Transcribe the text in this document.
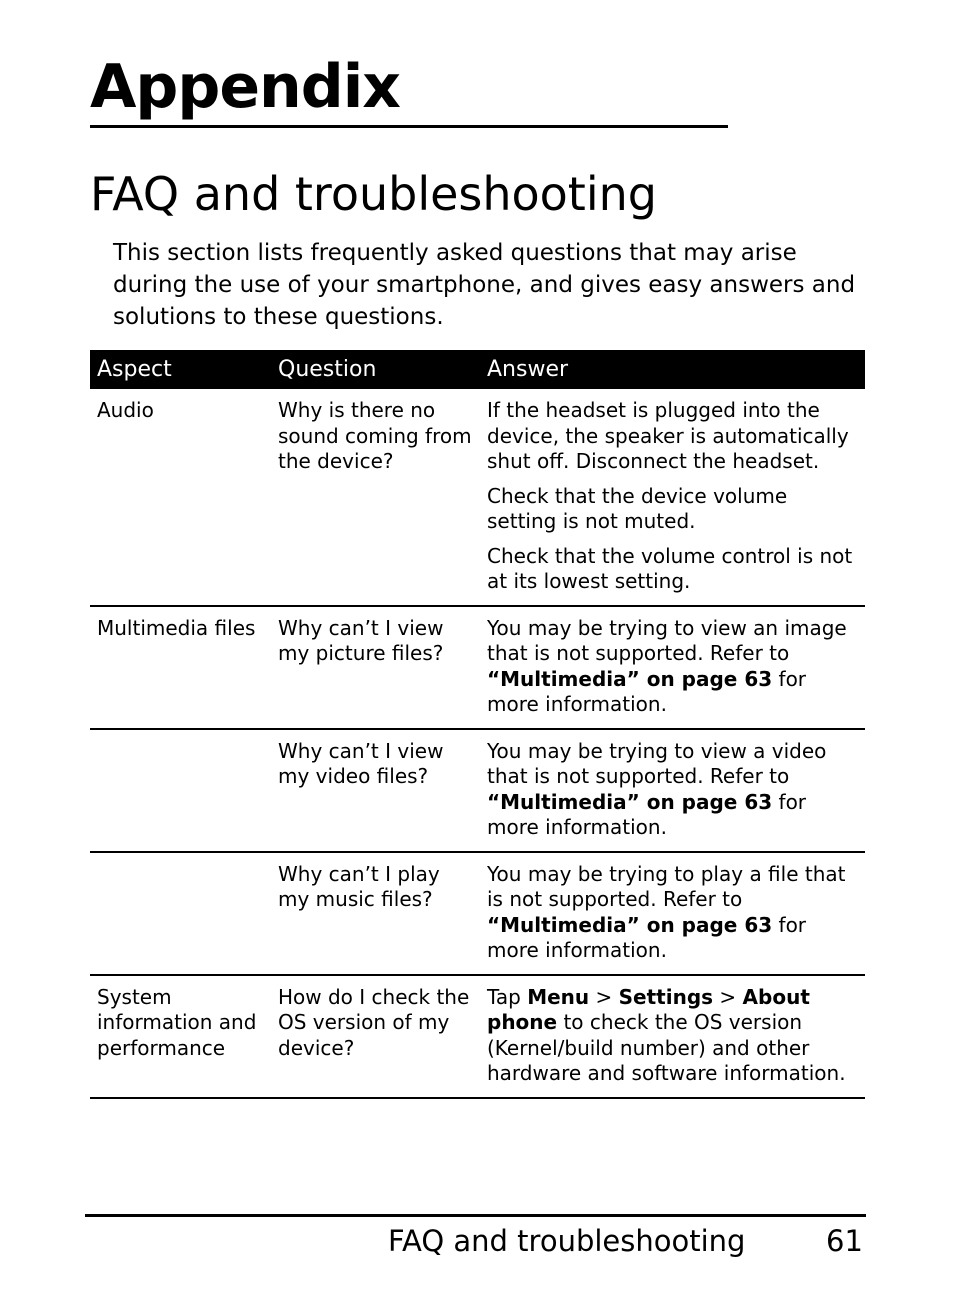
Appendix
FAQ and troubleshooting

This section lists frequently asked questions that may arise during the use of your smartphone, and gives easy answers and solutions to these questions.

Aspect	Question	Answer
Audio	Why is there no sound coming from the device?	If the headset is plugged into the device, the speaker is automatically shut off. Disconnect the headset.

Check that the device volume setting is not muted.

Check that the volume control is not at its lowest setting.

Multimedia files	Why can’t I view my picture files?	You may be trying to view an image that is not supported. Refer to “Multimedia” on page 63 for more information.
	Why can’t I view my video files?	You may be trying to view a video that is not supported. Refer to “Multimedia” on page 63 for more information.
	Why can’t I play my music files?	You may be trying to play a file that is not supported. Refer to “Multimedia” on page 63 for more information.
System information and performance	How do I check the OS version of my device?	Tap Menu > Settings > About phone to check the OS version (Kernel/build number) and other hardware and software information.
FAQ and troubleshooting	61
